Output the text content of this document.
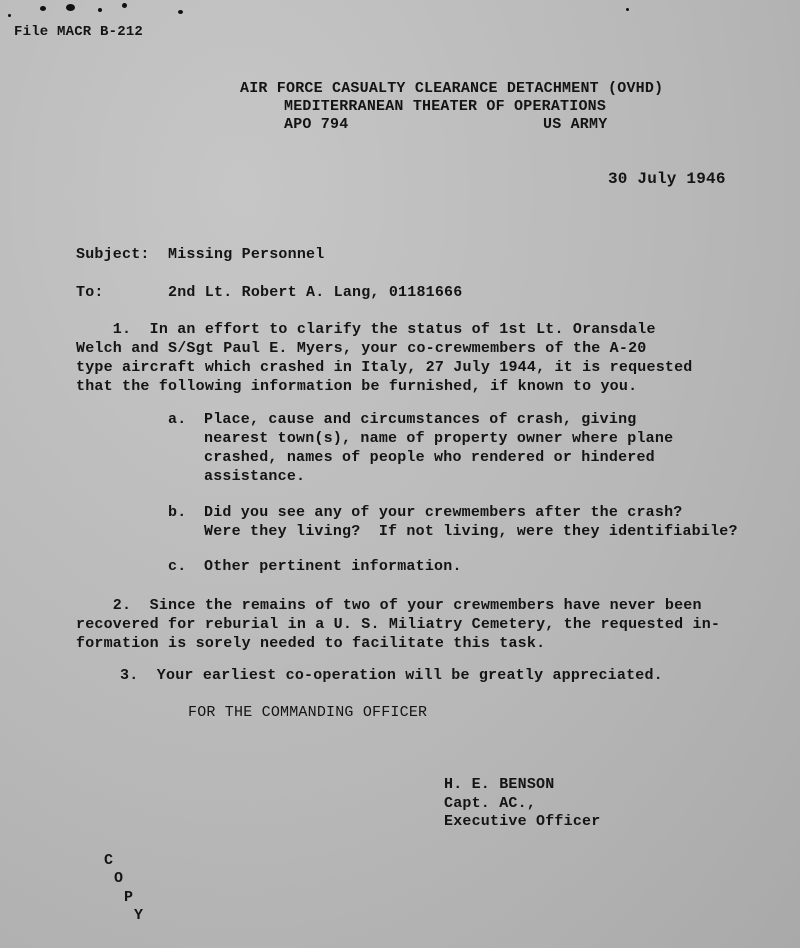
File MACR B-212
AIR FORCE CASUALTY CLEARANCE DETACHMENT (OVHD)
MEDITERRANEAN THEATER OF OPERATIONS
APO 794	US ARMY
30 July 1946
Subject: Missing Personnel
To:	2nd Lt. Robert A. Lang, 01181666
1.  In an effort to clarify the status of 1st Lt. Oransdale
Welch and S/Sgt Paul E. Myers, your co-crewmembers of the A-20
type aircraft which crashed in Italy, 27 July 1944, it is requested
that the following information be furnished, if known to you.
a. Place, cause and circumstances of crash, giving
nearest town(s), name of property owner where plane
crashed, names of people who rendered or hindered
assistance.
b. Did you see any of your crewmembers after the crash?
Were they living?  If not living, were they identifiabile?
c. Other pertinent information.
2.  Since the remains of two of your crewmembers have never been
recovered for reburial in a U. S. Miliatry Cemetery, the requested in-
formation is sorely needed to facilitate this task.
3.  Your earliest co-operation will be greatly appreciated.
FOR THE COMMANDING OFFICER
H. E. BENSON
Capt. AC.,
Executive Officer
C
O
P
Y
